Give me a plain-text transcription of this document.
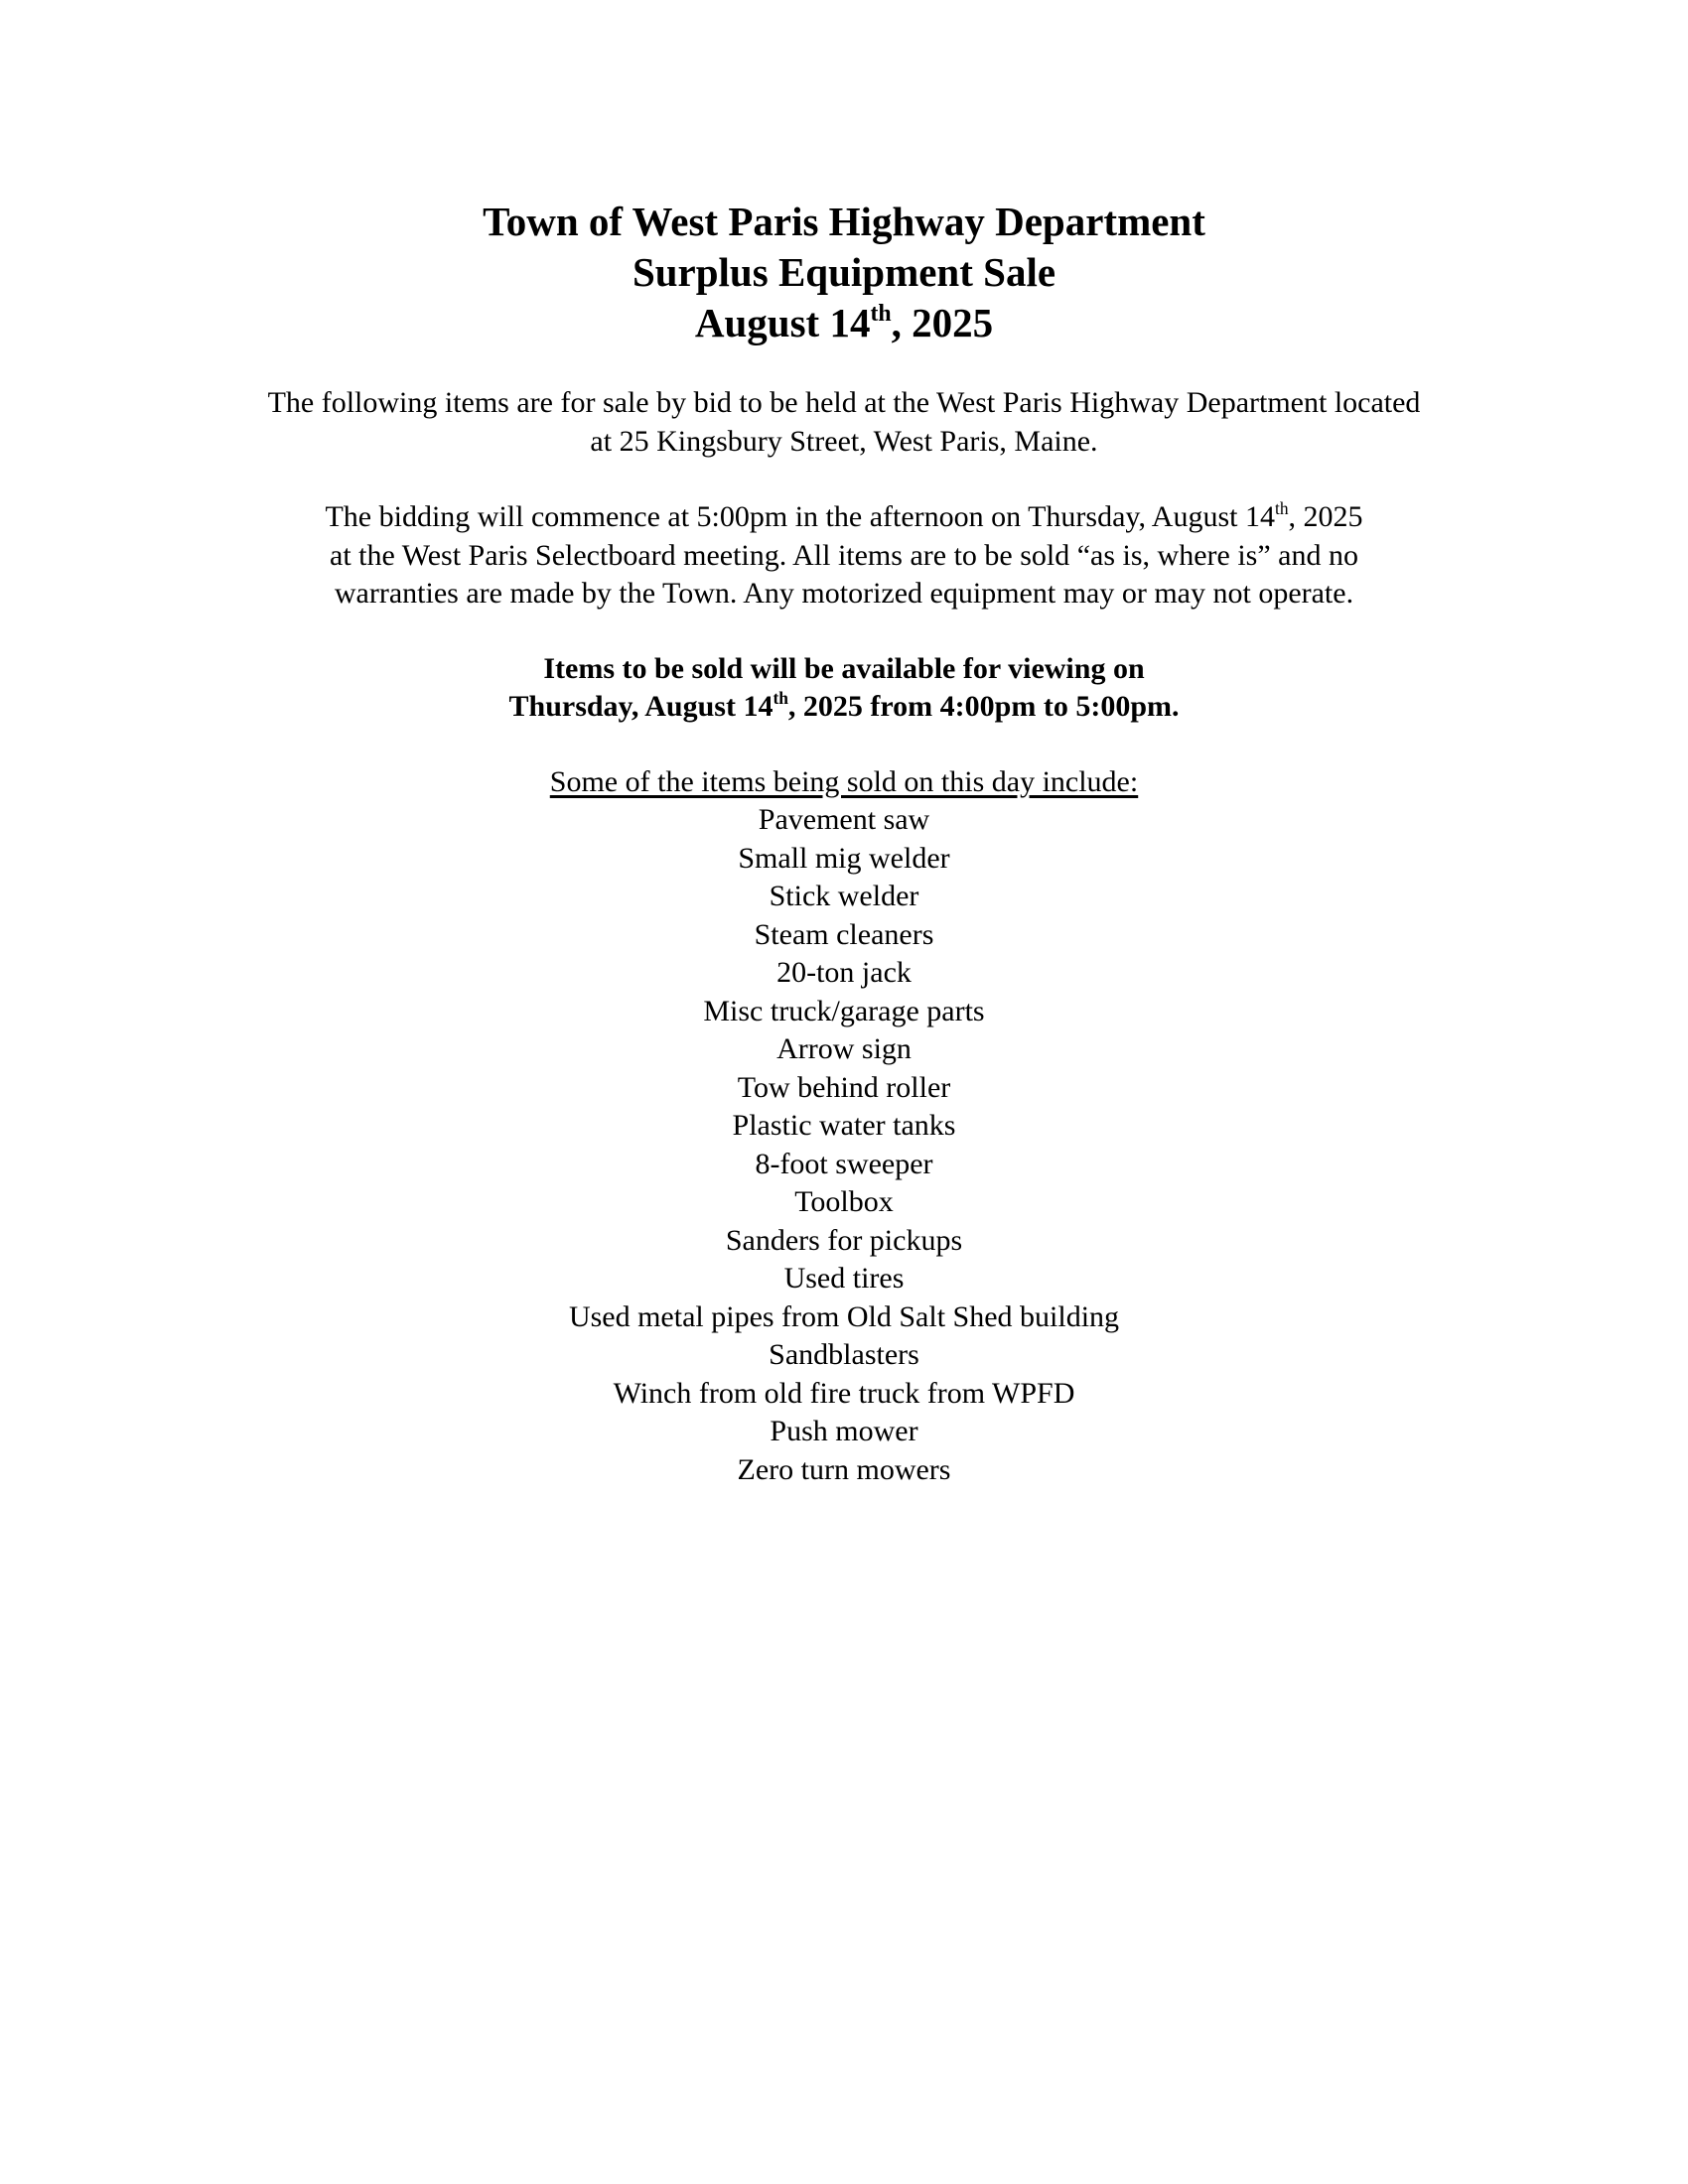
Town of West Paris Highway Department
Surplus Equipment Sale
August 14th, 2025

The following items are for sale by bid to be held at the West Paris Highway Department located
at 25 Kingsbury Street, West Paris, Maine.

The bidding will commence at 5:00pm in the afternoon on Thursday, August 14th, 2025
at the West Paris Selectboard meeting. All items are to be sold “as is, where is” and no
warranties are made by the Town. Any motorized equipment may or may not operate.

Items to be sold will be available for viewing on
Thursday, August 14th, 2025 from 4:00pm to 5:00pm.

Some of the items being sold on this day include:
Pavement saw
Small mig welder
Stick welder
Steam cleaners
20-ton jack
Misc truck/garage parts
Arrow sign
Tow behind roller
Plastic water tanks
8-foot sweeper
Toolbox
Sanders for pickups
Used tires
Used metal pipes from Old Salt Shed building
Sandblasters
Winch from old fire truck from WPFD
Push mower
Zero turn mowers
